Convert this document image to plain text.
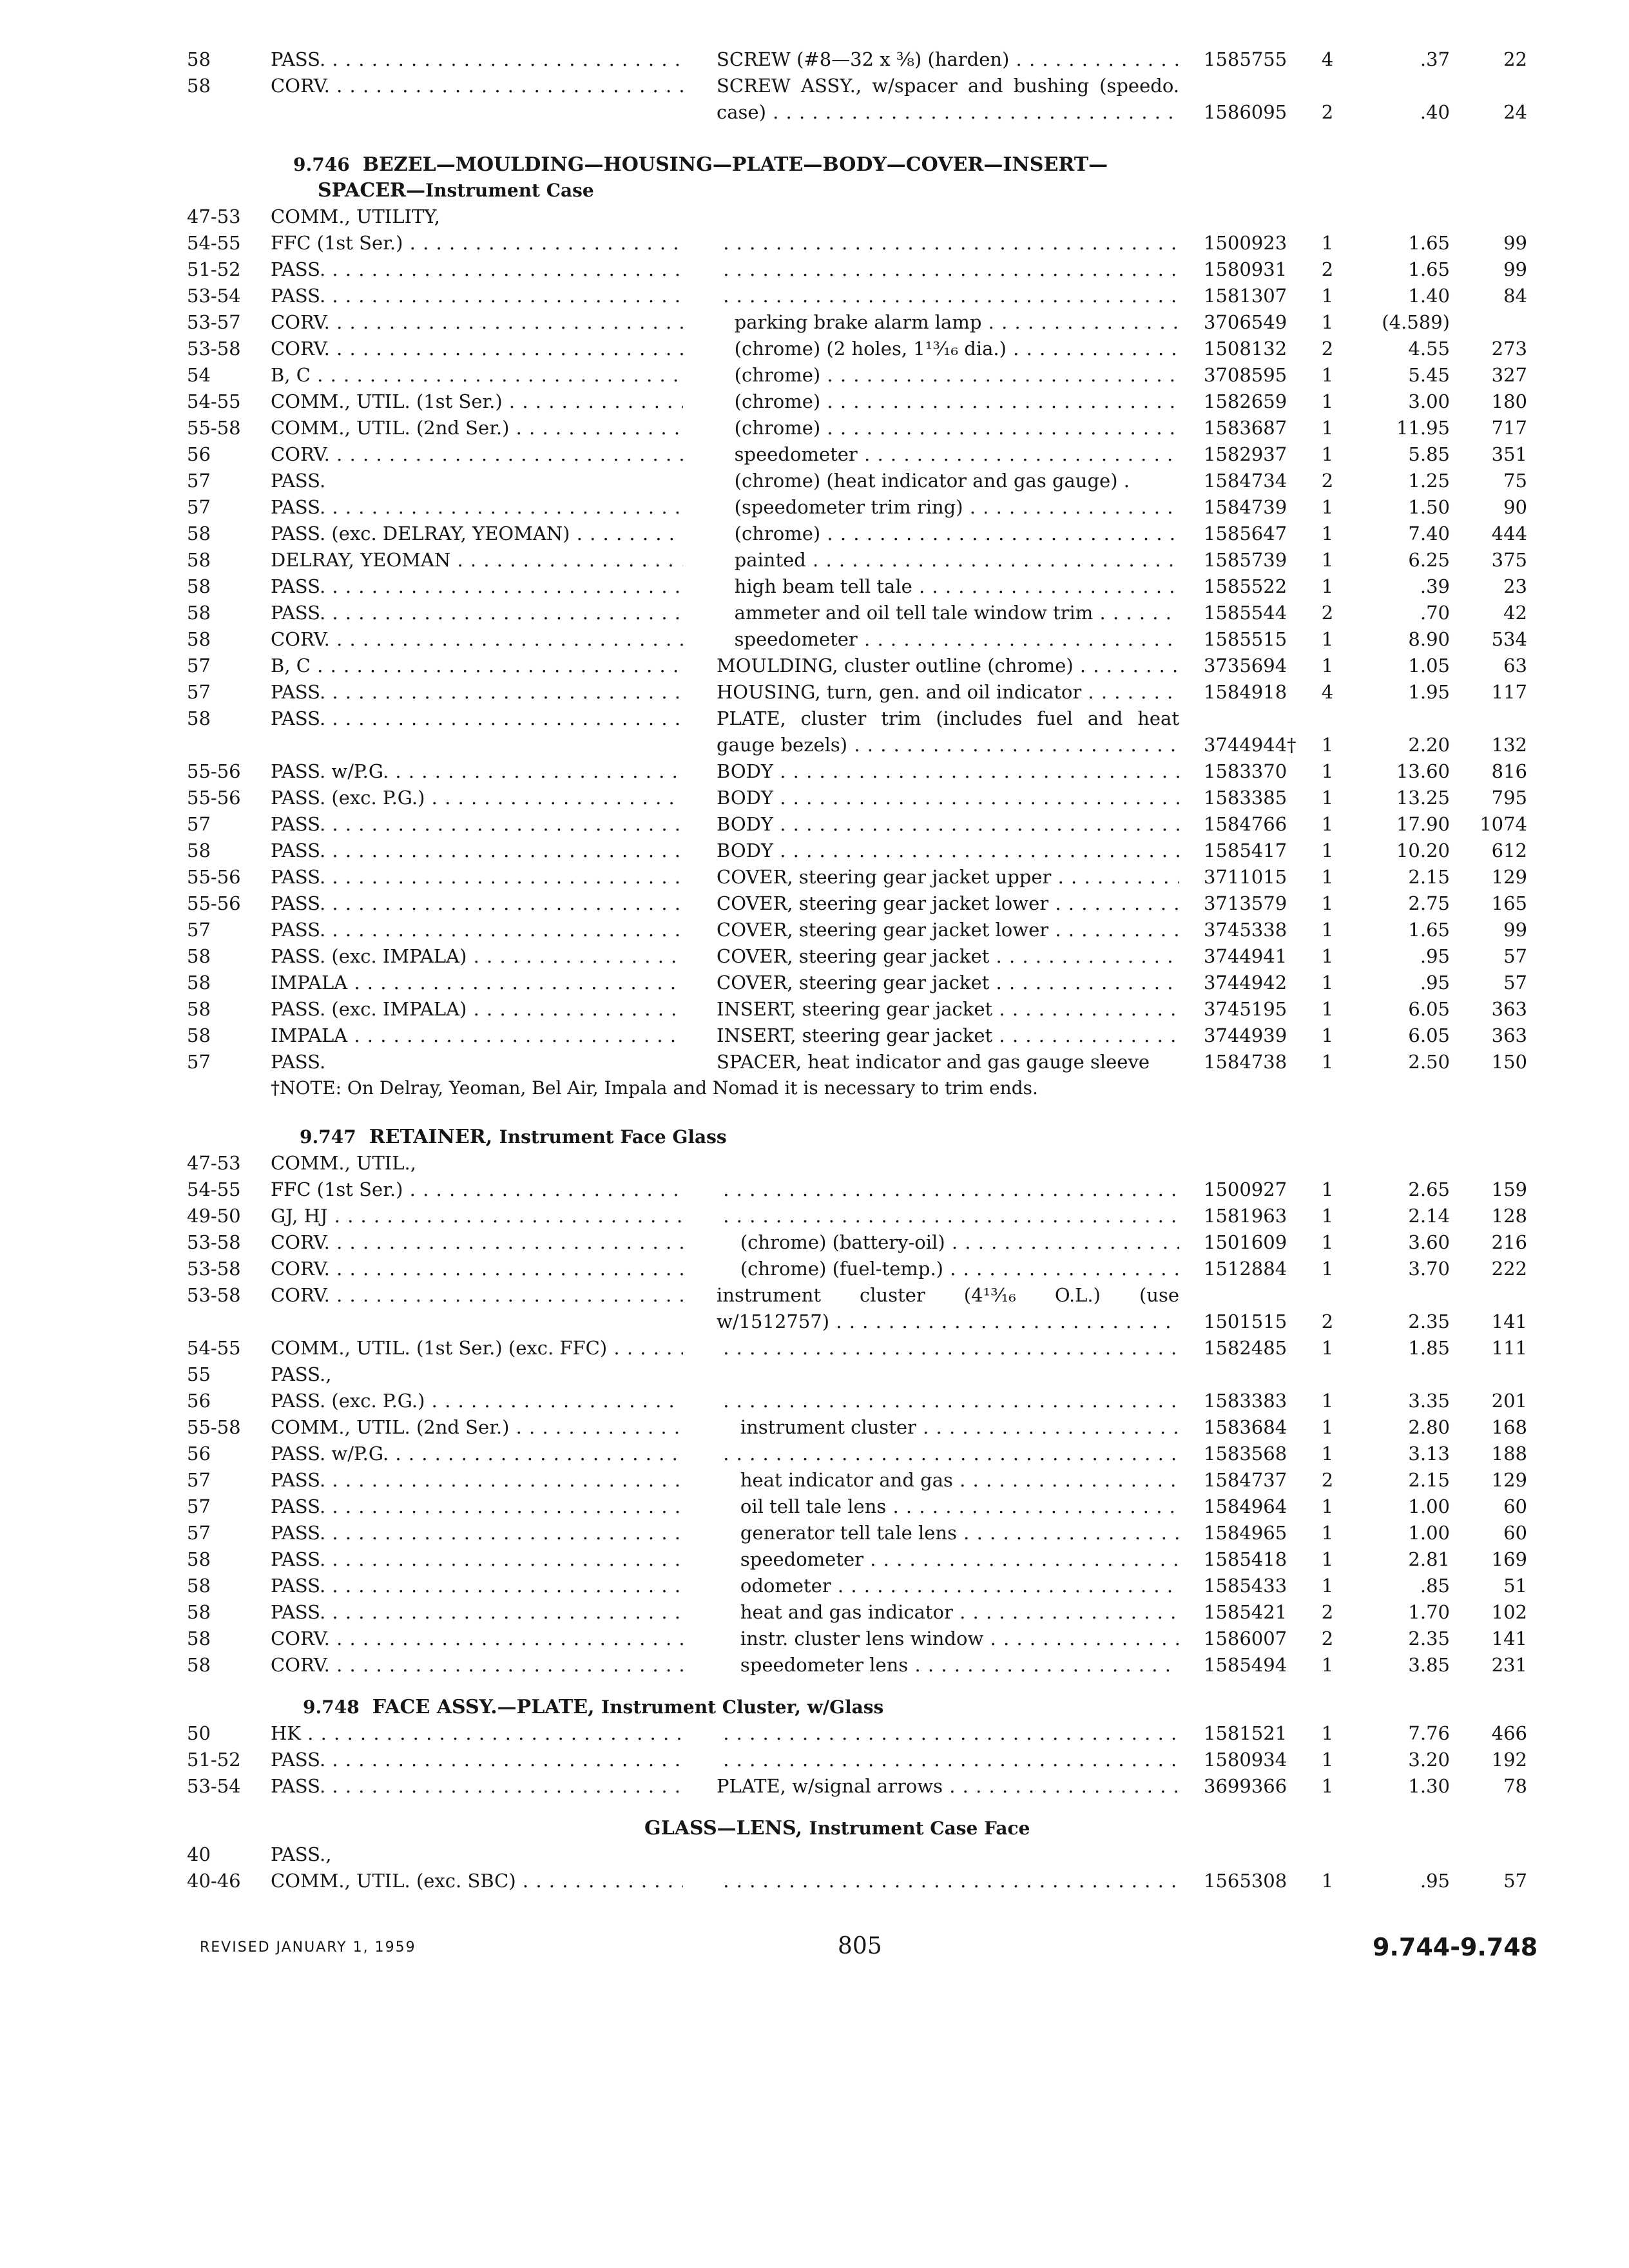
58	PASS. . . .	SCREW (#8—32 x ⅜) (harden) . . .	1585755	4	.37	22
58	CORV. . . .	SCREW ASSY., w/spacer and bushing (speedo.
case) . . .	1586095	2	.40	24
9.746 BEZEL—MOULDING—HOUSING—PLATE—BODY—COVER—INSERT—
SPACER—Instrument Case
47-53 COMM., UTILITY,
54-55 FFC (1st Ser.) . . . . . .	1500923	1	1.65	99
51-52 PASS. . . . . . .	1580931	2	1.65	99
53-54 PASS. . . . . . .	1581307	1	1.40	84
53-57 CORV. . . .	parking brake alarm lamp . . .	3706549	1	(4.589)
53-58 CORV. . . .	(chrome) (2 holes, 1¹³⁄₁₆ dia.) . . .	1508132	2	4.55	273
54	B, C . . .	(chrome) . . .	3708595	1	5.45	327
54-55 COMM., UTIL. (1st Ser.) . . .	(chrome) . . .	1582659	1	3.00	180
55-58 COMM., UTIL. (2nd Ser.) . . .	(chrome) . . .	1583687	1	11.95	717
56	CORV. . . .	speedometer . . .	1582937	1	5.85	351
57	PASS.	(chrome) (heat indicator and gas gauge) .	1584734	2	1.25	75
57	PASS. . . .	(speedometer trim ring) . . .	1584739	1	1.50	90
58	PASS. (exc. DELRAY, YEOMAN) . . .	(chrome) . . .	1585647	1	7.40	444
58	DELRAY, YEOMAN . . .	painted . . .	1585739	1	6.25	375
58	PASS. . . .	high beam tell tale . . .	1585522	1	.39	23
58	PASS. . . .	ammeter and oil tell tale window trim . . .	1585544	2	.70	42
58	CORV. . . .	speedometer . . .	1585515	1	8.90	534
57	B, C . . .	MOULDING, cluster outline (chrome) . . .	3735694	1	1.05	63
57	PASS. . . .	HOUSING, turn, gen. and oil indicator . . .	1584918	4	1.95	117
58	PASS. . . .	PLATE, cluster trim (includes fuel and heat
gauge bezels) . . .	3744944†	1	2.20	132
55-56 PASS. w/P.G. . . .	BODY . . .	1583370	1	13.60	816
55-56 PASS. (exc. P.G.) . . .	BODY . . .	1583385	1	13.25	795
57	PASS. . . .	BODY . . .	1584766	1	17.90	1074
58	PASS. . . .	BODY . . .	1585417	1	10.20	612
55-56 PASS. . . .	COVER, steering gear jacket upper . . .	3711015	1	2.15	129
55-56 PASS. . . .	COVER, steering gear jacket lower . . .	3713579	1	2.75	165
57	PASS. . . .	COVER, steering gear jacket lower . . .	3745338	1	1.65	99
58	PASS. (exc. IMPALA) . . .	COVER, steering gear jacket . . .	3744941	1	.95	57
58	IMPALA . . .	COVER, steering gear jacket . . .	3744942	1	.95	57
58	PASS. (exc. IMPALA) . . .	INSERT, steering gear jacket . . .	3745195	1	6.05	363
58	IMPALA . . .	INSERT, steering gear jacket . . .	3744939	1	6.05	363
57	PASS.	SPACER, heat indicator and gas gauge sleeve	1584738	1	2.50	150
†NOTE: On Delray, Yeoman, Bel Air, Impala and Nomad it is necessary to trim ends.
9.747 RETAINER, Instrument Face Glass
47-53 COMM., UTIL.,
54-55 FFC (1st Ser.) . . . . . .	1500927	1	2.65	159
49-50 GJ, HJ . . . . . .	1581963	1	2.14	128
53-58 CORV. . . .	(chrome) (battery-oil) . . .	1501609	1	3.60	216
53-58 CORV. . . .	(chrome) (fuel-temp.) . . .	1512884	1	3.70	222
53-58 CORV. . . .	instrument cluster (4¹³⁄₁₆ O.L.) (use
w/1512757) . . .	1501515	2	2.35	141
54-55 COMM., UTIL. (1st Ser.) (exc. FFC) . . . . . .	1582485	1	1.85	111
55	PASS.,
56	PASS. (exc. P.G.) . . . . . .	1583383	1	3.35	201
55-58 COMM., UTIL. (2nd Ser.) . . .	instrument cluster . . .	1583684	1	2.80	168
56	PASS. w/P.G. . . . . . .	1583568	1	3.13	188
57	PASS. . . .	heat indicator and gas . . .	1584737	2	2.15	129
57	PASS. . . .	oil tell tale lens . . .	1584964	1	1.00	60
57	PASS. . . .	generator tell tale lens . . .	1584965	1	1.00	60
58	PASS. . . .	speedometer . . .	1585418	1	2.81	169
58	PASS. . . .	odometer . . .	1585433	1	.85	51
58	PASS. . . .	heat and gas indicator . . .	1585421	2	1.70	102
58	CORV. . . .	instr. cluster lens window . . .	1586007	2	2.35	141
58	CORV. . . .	speedometer lens . . .	1585494	1	3.85	231
9.748 FACE ASSY.—PLATE, Instrument Cluster, w/Glass
50	HK . . . . . .	1581521	1	7.76	466
51-52 PASS. . . . . . .	1580934	1	3.20	192
53-54 PASS. . . .	PLATE, w/signal arrows . . .	3699366	1	1.30	78
GLASS—LENS, Instrument Case Face
40	PASS.,
40-46 COMM., UTIL. (exc. SBC) . . . . . .	1565308	1	.95	57
REVISED JANUARY 1, 1959	805	9.744-9.748
